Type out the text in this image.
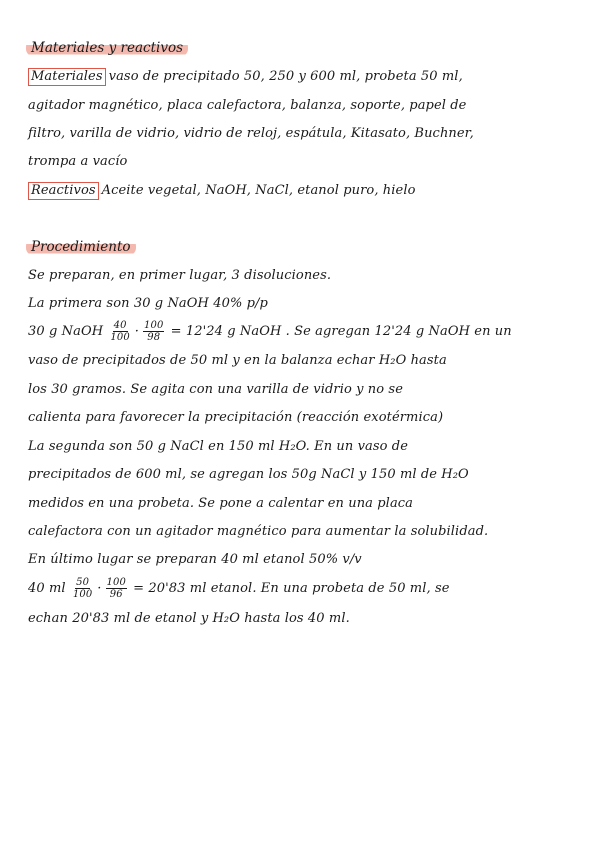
Materiales y reactivos
Materiales vaso de precipitado 50, 250 y 600 ml, probeta 50 ml,
agitador magnético, placa calefactora, balanza, soporte, papel de
filtro, varilla de vidrio, vidrio de reloj, espátula, Kitasato, Buchner,
trompa a vacío
Reactivos Aceite vegetal, NaOH, NaCl, etanol puro, hielo
Procedimiento
Se preparan, en primer lugar, 3 disoluciones.
La primera son 30 g NaOH 40% p/p
30 g NaOH $\frac{40}{100} \cdot \frac{100}{98} = 12'24$ g NaOH . Se agregan 12'24 g NaOH en un
vaso de precipitados de 50 ml y en la balanza echar H₂O hasta
los 30 gramos. Se agita con una varilla de vidrio y no se
calienta para favorecer la precipitación (reacción exotérmica)
La segunda son 50 g NaCl en 150 ml H₂O. En un vaso de
precipitados de 600 ml, se agregan los 50g NaCl y 150 ml de H₂O
medidos en una probeta. Se pone a calentar en una placa
calefactora con un agitador magnético para aumentar la solubilidad.
En último lugar se preparan 40 ml etanol 50% v/v
40 ml $\frac{50}{100} \cdot \frac{100}{96} = 20'83$ ml etanol. En una probeta de 50 ml, se
echan 20'83 ml de etanol y H₂O hasta los 40 ml.
